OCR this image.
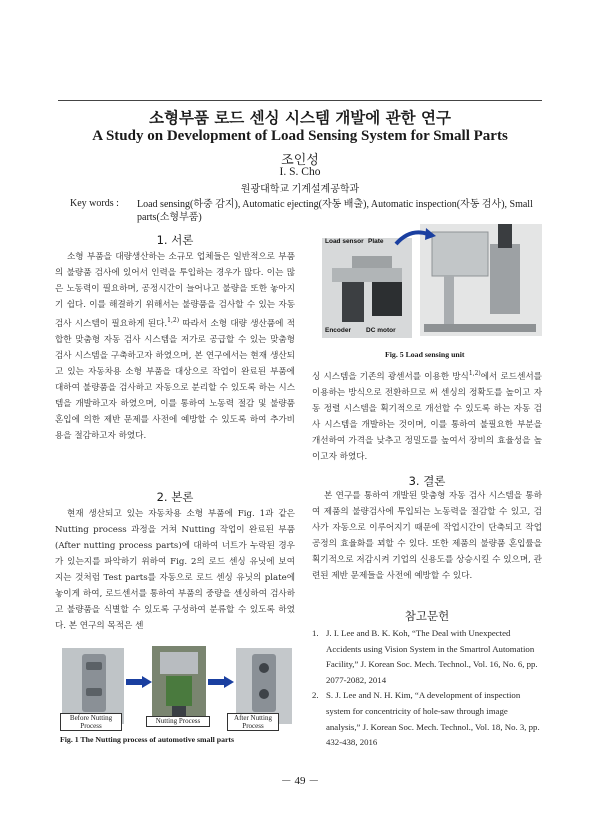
소형부품 로드 센싱 시스템 개발에 관한 연구
A Study on Development of Load Sensing System for Small Parts
조인성
I. S. Cho
원광대학교 기계설계공학과
Key words : Load sensing(하중 감지), Automatic ejecting(자동 배출), Automatic inspection(자동 검사), Small parts(소형부품)
1. 서론

소형 부품을 대량생산하는 소규모 업체들은 일반적으로 부품의 불량품 검사에 있어서 인력을 투입하는 경우가 많다. 이는 많은 노동력이 필요하며, 공정시간이 늘어나고 불량을 또한 놓아지기 쉽다. 이를 해결하기 위해서는 불량품을 검사할 수 있는 자동 검사 시스템이 필요하게 된다.$^{1,2)}$ 따라서 소형 대량 생산품에 적합한 맞춤형 자동 검사 시스템을 저가로 공급할 수 있는 맞춤형 검사 시스템을 구축하고자 하였으며, 본 연구에서는 현재 생산되고 있는 자동차용 소형 부품을 대상으로 작업이 완료된 부품에 대하여 불량품을 검사하고 자동으로 분리할 수 있도록 하는 시스템을 개발하고자 하였으며, 이를 통하여 노동력 절감 및 불량품 혼입에 의한 제반 문제를 사전에 예방할 수 있도록 하여 추가비용을 절감하고자 하였다.

2. 본론

현재 생산되고 있는 자동차용 소형 부품에 Fig. 1과 같은 Nutting process 과정을 거쳐 Nutting 작업이 완료된 부품(After nutting process parts)에 대하여 너트가 누락된 경우가 있는지를 파악하기 위하여 Fig. 2의 로드 센싱 유닛에 보여 지는 것처럼 Test parts를 자동으로 로드 센싱 유닛의 plate에 놓이게 하여, 로드센서를 통하여 부품의 중량을 센싱하여 검사하고 불량품을 식별할 수 있도록 구성하여 분류할 수 있도록 하였다. 본 연구의 목적은 센

Before Nutting Process
Nutting Process	After Nutting Process
Fig. 1 The Nutting process of automotive small parts
Load sensor Plate
Encoder DC motor
Fig. 5 Load sensing unit

싱 시스템을 기존의 광센서를 이용한 방식$^{1,2)}$에서 로드센서를 이용하는 방식으로 전환하므로 써 센싱의 정확도를 높이고 자동 정렬 시스템을 획기적으로 개선할 수 있도록 하는 자동 검사 시스템을 개발하는 것이며, 이를 통하여 불필요한 부분을 개선하여 가격을 낮추고 정밀도를 높여서 장비의 효율성을 높이고자 하였다.

3. 결론

본 연구를 통하여 개발된 맞춤형 자동 검사 시스템을 통하여 제품의 불량검사에 투입되는 노동력을 절감할 수 있고, 검사가 자동으로 이루어지기 때문에 작업시간이 단축되고 작업공정의 효율화를 꾀할 수 있다. 또한 제품의 불량품 혼입률을 획기적으로 저감시켜 기업의 신용도를 상승시킬 수 있으며, 관련된 제반 문제들을 사전에 예방할 수 있다.

참고문헌
1. J. I. Lee and B. K. Koh, “The Deal with Unexpected Accidents using Vision System in the Smartrol Automation Facility,” J. Korean Soc. Mech. Technol., Vol. 16, No. 6, pp. 2077-2082, 2014
2. S. J. Lee and N. H. Kim, “A development of inspection system for concentricity of hole-saw through image analysis,” J. Korean Soc. Mech. Technol., Vol. 18, No. 3, pp. 432-438, 2016
－ 49 －
